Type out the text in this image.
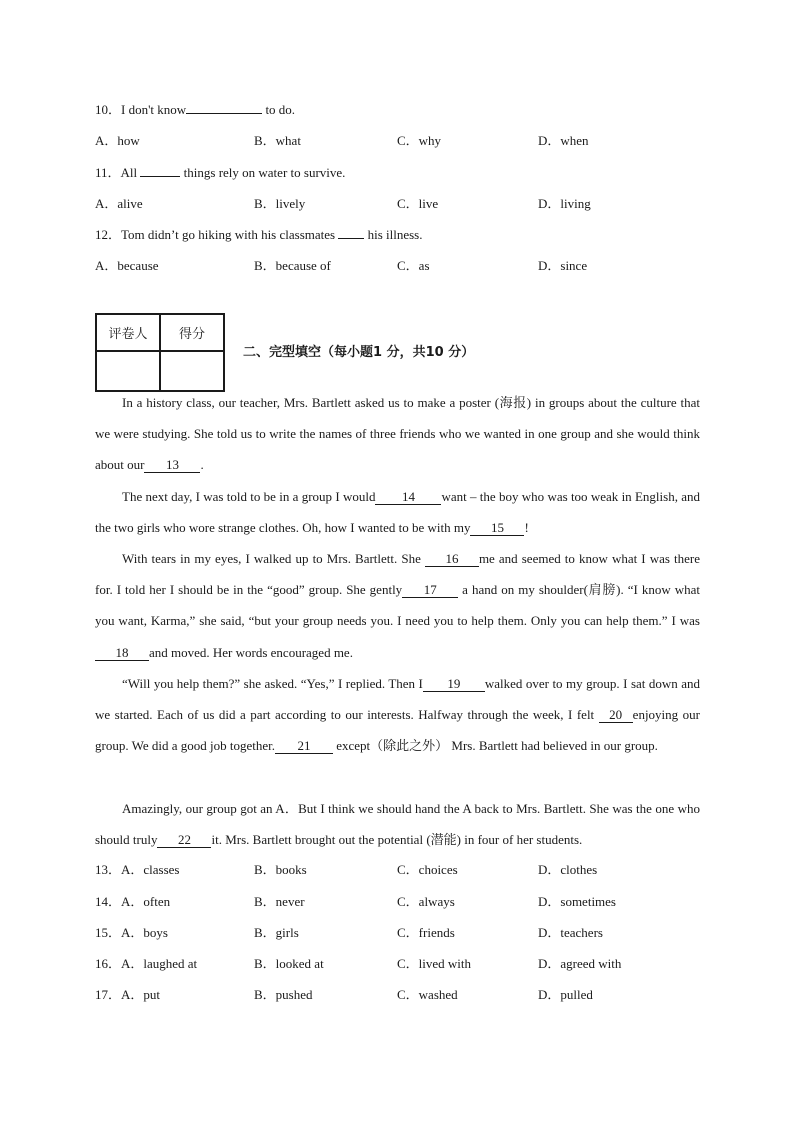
10．I don't know	to do.
A．how	B．what	C．why	D．when
11．All	things rely on water to survive.
A．alive	B．lively	C．live	D．living
12．Tom didn’t go hiking with his classmates  his illness.
A．because	B．because of	C．as	D．since
评卷人	得分

二、完型填空（每小题1 分，共10 分）
In a history class, our teacher, Mrs. Bartlett asked us to make a poster (海报) in groups about the culture that we were studying. She told us to write the names of three friends who we wanted in one group and she would think about our 13 .
The next day, I was told to be in a group I would 14 want – the boy who was too weak in English, and the two girls who wore strange clothes. Oh, how I wanted to be with my 15 !
With tears in my eyes, I walked up to Mrs. Bartlett. She 16 me and seemed to know what I was there for. I told her I should be in the “good” group. She gently 17 a hand on my shoulder(肩膀). “I know what you want, Karma,” she said, “but your group needs you. I need you to help them. Only you can help them.” I was18 and moved. Her words encouraged me.
“Will you help them?” she asked. “Yes,” I replied. Then I 19 walked over to my group. I sat down and we started. Each of us did a part according to our interests. Halfway through the week, I felt 20 enjoying our group. We did a good job together. 21 except（除此之外） Mrs. Bartlett had believed in our group.
Amazingly, our group got an A．But I think we should hand the A back to Mrs. Bartlett. She was the one who should truly 22 it. Mrs. Bartlett brought out the potential (潜能) in four of her students.
13． A．classes	B．books	C．choices	D．clothes
14． A．often	B．never	C．always	D．sometimes
15． A．boys	B．girls	C．friends	D．teachers
16． A．laughed at	B．looked at	C．lived with	D．agreed with
17． A．put	B．pushed	C．washed	D．pulled
